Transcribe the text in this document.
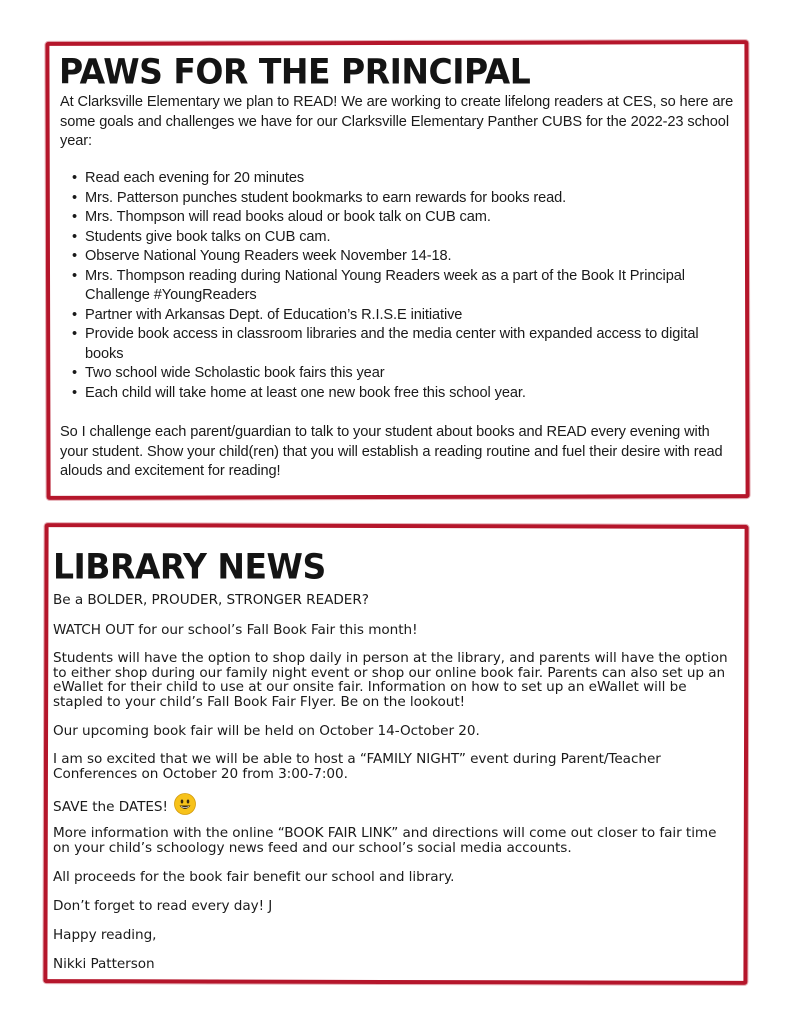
PAWS FOR THE PRINCIPAL

At Clarksville Elementary we plan to READ! We are working to create lifelong readers at CES, so here are some goals and challenges we have for our Clarksville Elementary Panther CUBS for the 2022-23 school year:

• Read each evening for 20 minutes
• Mrs. Patterson punches student bookmarks to earn rewards for books read.
• Mrs. Thompson will read books aloud or book talk on CUB cam.
• Students give book talks on CUB cam.
• Observe National Young Readers week November 14-18.
• Mrs. Thompson reading during National Young Readers week as a part of the Book It Principal Challenge #YoungReaders
• Partner with Arkansas Dept. of Education’s R.I.S.E initiative
• Provide book access in classroom libraries and the media center with expanded access to digital books
• Two school wide Scholastic book fairs this year
• Each child will take home at least one new book free this school year.

So I challenge each parent/guardian to talk to your student about books and READ every evening with your student. Show your child(ren) that you will establish a reading routine and fuel their desire with read alouds and excitement for reading!

LIBRARY NEWS

Be a BOLDER, PROUDER, STRONGER READER?

WATCH OUT for our school’s Fall Book Fair this month!

Students will have the option to shop daily in person at the library, and parents will have the option to either shop during our family night event or shop our online book fair. Parents can also set up an eWallet for their child to use at our onsite fair. Information on how to set up an eWallet will be stapled to your child’s Fall Book Fair Flyer. Be on the lookout!

Our upcoming book fair will be held on October 14-October 20.

I am so excited that we will be able to host a “FAMILY NIGHT” event during Parent/Teacher Conferences on October 20 from 3:00-7:00.

SAVE the DATES!

More information with the online “BOOK FAIR LINK” and directions will come out closer to fair time on your child’s schoology news feed and our school’s social media accounts.

All proceeds for the book fair benefit our school and library.

Don’t forget to read every day! J

Happy reading,

Nikki Patterson
